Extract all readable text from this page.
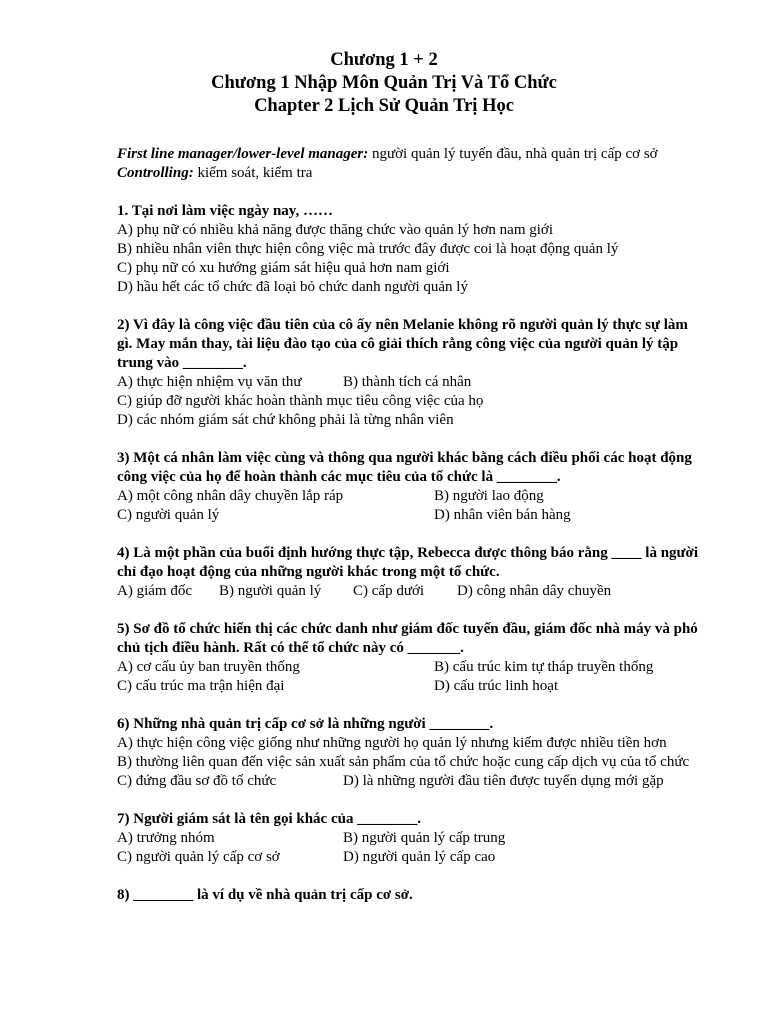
Chương 1 + 2
Chương 1 Nhập Môn Quản Trị Và Tổ Chức
Chapter 2 Lịch Sử Quản Trị Học

First line manager/lower-level manager: người quản lý tuyến đầu, nhà quản trị cấp cơ sở

Controlling: kiểm soát, kiểm tra

1. Tại nơi làm việc ngày nay, ……
A) phụ nữ có nhiều khả năng được thăng chức vào quản lý hơn nam giới
B) nhiều nhân viên thực hiện công việc mà trước đây được coi là hoạt động quản lý
C) phụ nữ có xu hướng giám sát hiệu quả hơn nam giới
D) hầu hết các tổ chức đã loại bỏ chức danh người quản lý
2) Vì đây là công việc đầu tiên của cô ấy nên Melanie không rõ người quản lý thực sự làm gì. May mắn thay, tài liệu đào tạo của cô giải thích rằng công việc của người quản lý tập trung vào ________.
A) thực hiện nhiệm vụ văn thư	B) thành tích cá nhân
C) giúp đỡ người khác hoàn thành mục tiêu công việc của họ
D) các nhóm giám sát chứ không phải là từng nhân viên
3) Một cá nhân làm việc cùng và thông qua người khác bằng cách điều phối các hoạt động công việc của họ để hoàn thành các mục tiêu của tổ chức là ________.
A) một công nhân dây chuyền lắp ráp	B) người lao động
C) người quản lý	D) nhân viên bán hàng
4) Là một phần của buổi định hướng thực tập, Rebecca được thông báo rằng ____ là người chỉ đạo hoạt động của những người khác trong một tổ chức.
A) giám đốc	B) người quản lý	C) cấp dưới	D) công nhân dây chuyền
5) Sơ đồ tổ chức hiển thị các chức danh như giám đốc tuyến đầu, giám đốc nhà máy và phó chủ tịch điều hành. Rất có thể tổ chức này có _______.
A) cơ cấu ủy ban truyền thống	B) cấu trúc kim tự tháp truyền thống
C) cấu trúc ma trận hiện đại	D) cấu trúc linh hoạt
6) Những nhà quản trị cấp cơ sở là những người ________.
A) thực hiện công việc giống như những người họ quản lý nhưng kiếm được nhiều tiền hơn
B) thường liên quan đến việc sản xuất sản phẩm của tổ chức hoặc cung cấp dịch vụ của tổ chức
C) đứng đầu sơ đồ tổ chức	D) là những người đầu tiên được tuyển dụng mới gặp
7) Người giám sát là tên gọi khác của ________.
A) trưởng nhóm	B) người quản lý cấp trung
C) người quản lý cấp cơ sở	D) người quản lý cấp cao
8) ________ là ví dụ về nhà quản trị cấp cơ sở.
